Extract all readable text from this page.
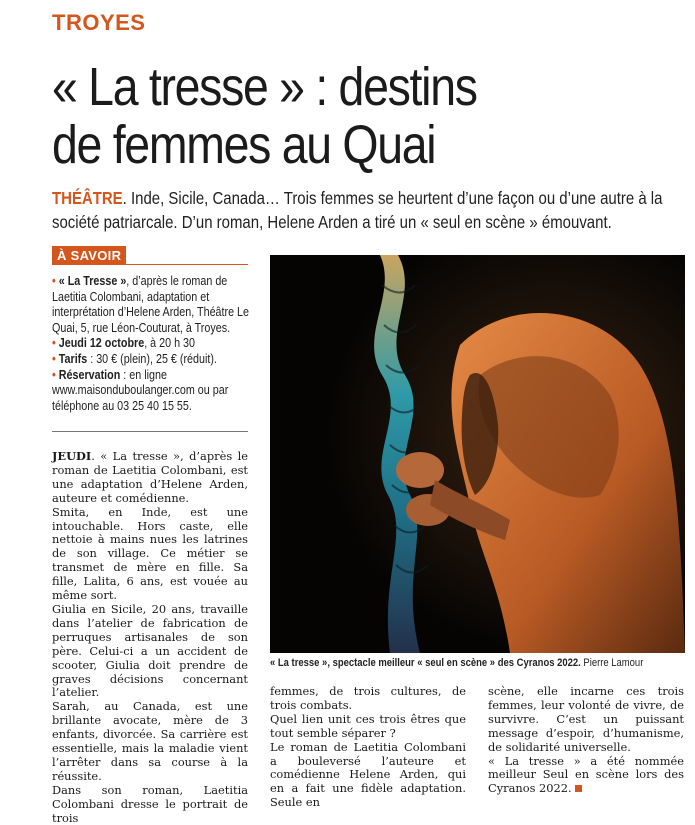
TROYES
« La tresse » : destins
de femmes au Quai
THÉÂTRE. Inde, Sicile, Canada… Trois femmes se heurtent d’une façon ou d’une autre à la société patriarcale. D’un roman, Helene Arden a tiré un « seul en scène » émouvant.
À SAVOIR
• « La Tresse », d’après le roman de Laetitia Colombani, adaptation et interprétation d’Helene Arden, Théâtre Le Quai, 5, rue Léon-Couturat, à Troyes.
• Jeudi 12 octobre, à 20 h 30
• Tarifs : 30 € (plein), 25 € (réduit).
• Réservation : en ligne www.maisonduboulanger.com ou par téléphone au 03 25 40 15 55.

JEUDI. « La tresse », d’après le roman de Laetitia Colombani, est une adaptation d’Helene Arden, auteure et comédienne.

Smita, en Inde, est une intouchable. Hors caste, elle nettoie à mains nues les latrines de son village. Ce métier se transmet de mère en fille. Sa fille, Lalita, 6 ans, est vouée au même sort.

Giulia en Sicile, 20 ans, travaille dans l’atelier de fabrication de perruques artisanales de son père. Celui-ci a un accident de scooter, Giulia doit prendre de graves décisions concernant l’atelier.

Sarah, au Canada, est une brillante avocate, mère de 3 enfants, divorcée. Sa carrière est essentielle, mais la maladie vient l’arrêter dans sa course à la réussite.

Dans son roman, Laetitia Colombani dresse le portrait de trois

« La tresse », spectacle meilleur « seul en scène » des Cyranos 2022. Pierre Lamour

femmes, de trois cultures, de trois combats.

Quel lien unit ces trois êtres que tout semble séparer ?

Le roman de Laetitia Colombani a bouleversé l’auteure et comédienne Helene Arden, qui en a fait une fidèle adaptation. Seule en

scène, elle incarne ces trois femmes, leur volonté de vivre, de survivre. C’est un puissant message d’espoir, d’humanisme, de solidarité universelle.

« La tresse » a été nommée meilleur Seul en scène lors des Cyranos 2022.
